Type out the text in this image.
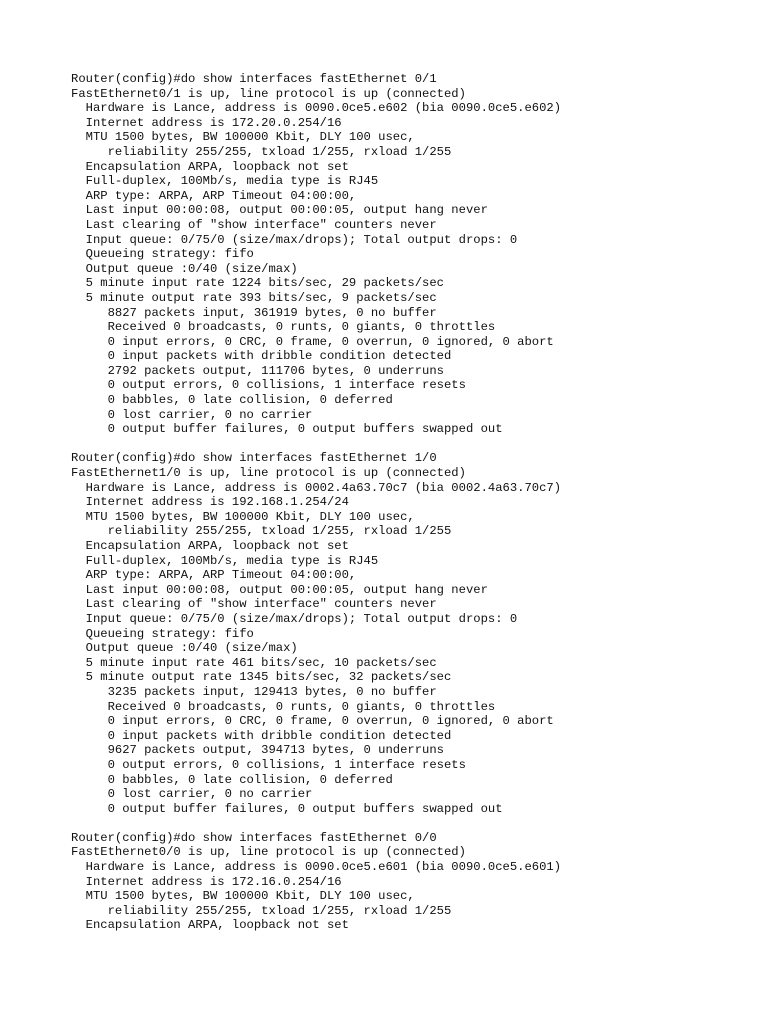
Router(config)#do show interfaces fastEthernet 0/1
FastEthernet0/1 is up, line protocol is up (connected)
Hardware is Lance, address is 0090.0ce5.e602 (bia 0090.0ce5.e602)
Internet address is 172.20.0.254/16
MTU 1500 bytes, BW 100000 Kbit, DLY 100 usec,
reliability 255/255, txload 1/255, rxload 1/255
Encapsulation ARPA, loopback not set
Full-duplex, 100Mb/s, media type is RJ45
ARP type: ARPA, ARP Timeout 04:00:00,
Last input 00:00:08, output 00:00:05, output hang never
Last clearing of "show interface" counters never
Input queue: 0/75/0 (size/max/drops); Total output drops: 0
Queueing strategy: fifo
Output queue :0/40 (size/max)
5 minute input rate 1224 bits/sec, 29 packets/sec
5 minute output rate 393 bits/sec, 9 packets/sec
8827 packets input, 361919 bytes, 0 no buffer
Received 0 broadcasts, 0 runts, 0 giants, 0 throttles
0 input errors, 0 CRC, 0 frame, 0 overrun, 0 ignored, 0 abort
0 input packets with dribble condition detected
2792 packets output, 111706 bytes, 0 underruns
0 output errors, 0 collisions, 1 interface resets
0 babbles, 0 late collision, 0 deferred
0 lost carrier, 0 no carrier
0 output buffer failures, 0 output buffers swapped out
Router(config)#do show interfaces fastEthernet 1/0
FastEthernet1/0 is up, line protocol is up (connected)
Hardware is Lance, address is 0002.4a63.70c7 (bia 0002.4a63.70c7)
Internet address is 192.168.1.254/24
MTU 1500 bytes, BW 100000 Kbit, DLY 100 usec,
reliability 255/255, txload 1/255, rxload 1/255
Encapsulation ARPA, loopback not set
Full-duplex, 100Mb/s, media type is RJ45
ARP type: ARPA, ARP Timeout 04:00:00,
Last input 00:00:08, output 00:00:05, output hang never
Last clearing of "show interface" counters never
Input queue: 0/75/0 (size/max/drops); Total output drops: 0
Queueing strategy: fifo
Output queue :0/40 (size/max)
5 minute input rate 461 bits/sec, 10 packets/sec
5 minute output rate 1345 bits/sec, 32 packets/sec
3235 packets input, 129413 bytes, 0 no buffer
Received 0 broadcasts, 0 runts, 0 giants, 0 throttles
0 input errors, 0 CRC, 0 frame, 0 overrun, 0 ignored, 0 abort
0 input packets with dribble condition detected
9627 packets output, 394713 bytes, 0 underruns
0 output errors, 0 collisions, 1 interface resets
0 babbles, 0 late collision, 0 deferred
0 lost carrier, 0 no carrier
0 output buffer failures, 0 output buffers swapped out
Router(config)#do show interfaces fastEthernet 0/0
FastEthernet0/0 is up, line protocol is up (connected)
Hardware is Lance, address is 0090.0ce5.e601 (bia 0090.0ce5.e601)
Internet address is 172.16.0.254/16
MTU 1500 bytes, BW 100000 Kbit, DLY 100 usec,
reliability 255/255, txload 1/255, rxload 1/255
Encapsulation ARPA, loopback not set
